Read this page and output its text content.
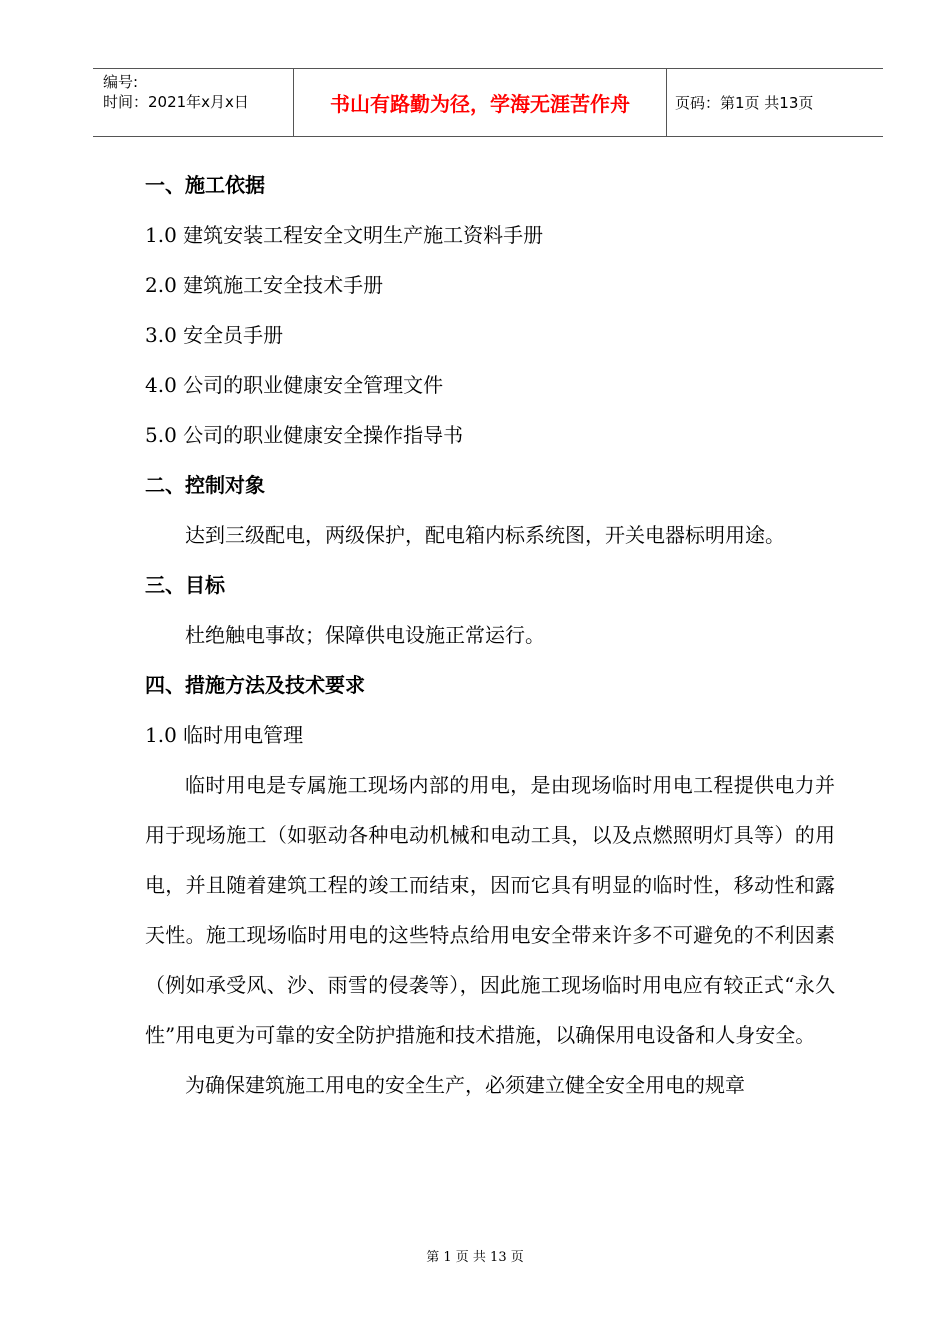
编号:
时间：2021年x月x日	书山有路勤为径，学海无涯苦作舟	页码：第1页 共13页
一、施工依据
1.0 建筑安装工程安全文明生产施工资料手册
2.0 建筑施工安全技术手册
3.0 安全员手册
4.0 公司的职业健康安全管理文件
5.0 公司的职业健康安全操作指导书
二、控制对象

达到三级配电，两级保护，配电箱内标系统图，开关电器标明用途。

三、目标

杜绝触电事故；保障供电设施正常运行。

四、措施方法及技术要求
1.0 临时用电管理

临时用电是专属施工现场内部的用电，是由现场临时用电工程提供电力并用于现场施工（如驱动各种电动机械和电动工具，以及点燃照明灯具等）的用电，并且随着建筑工程的竣工而结束，因而它具有明显的临时性，移动性和露天性。施工现场临时用电的这些特点给用电安全带来许多不可避免的不利因素（例如承受风、沙、雨雪的侵袭等），因此施工现场临时用电应有较正式“永久性”用电更为可靠的安全防护措施和技术措施，以确保用电设备和人身安全。

为确保建筑施工用电的安全生产，必须建立健全安全用电的规章

第 1 页 共 13 页
